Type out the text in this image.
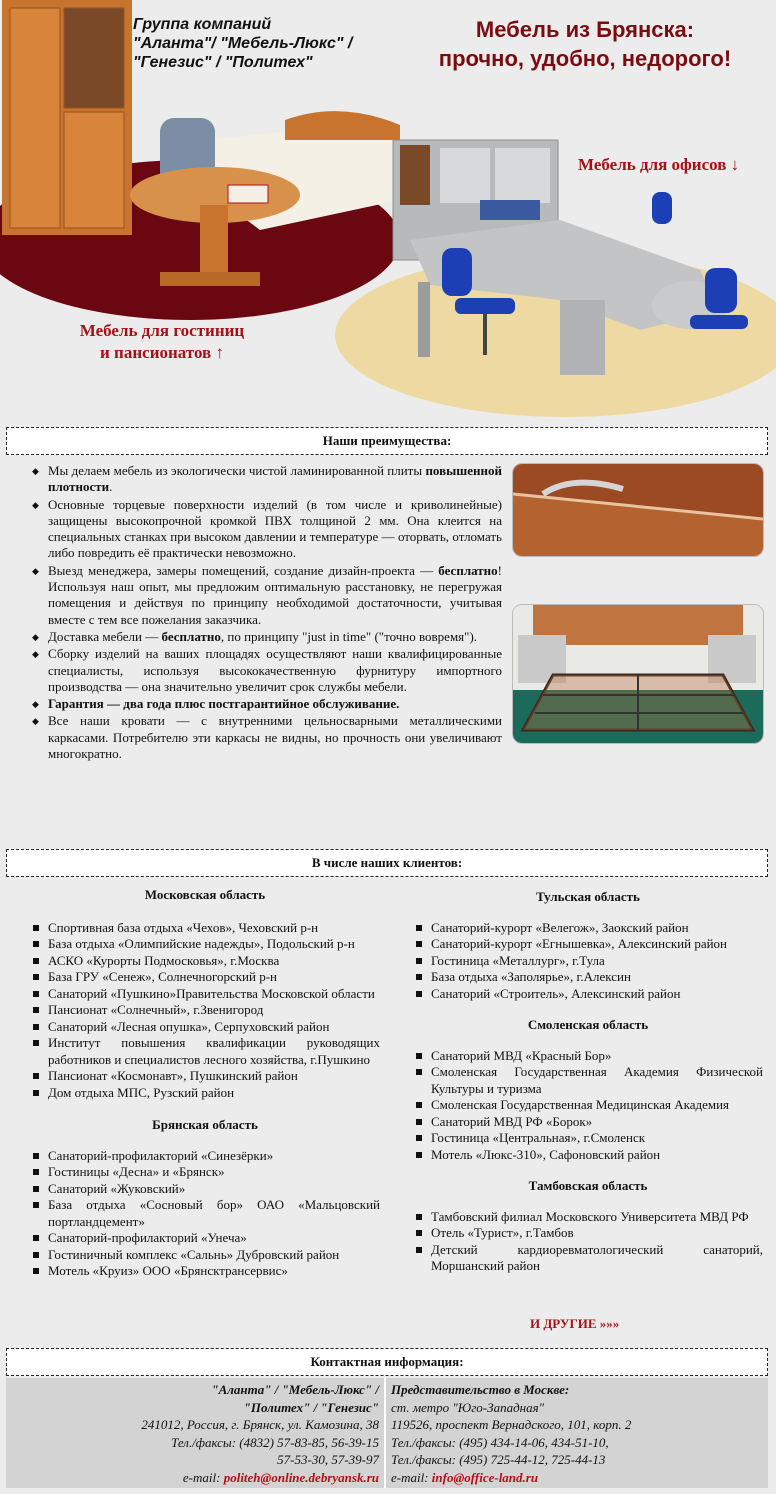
Группа компаний
"Аланта"/ "Мебель-Люкс" /
"Генезис" / "Политех"
Мебель из Брянска:
прочно, удобно, недорого!
Мебель для офисов ↓
Мебель для гостиниц
и пансионатов ↑
Наши преимущества:
◆ Мы делаем мебель из экологически чистой ламинированной плиты повышенной плотности.
◆ Основные торцевые поверхности изделий (в том числе и криволинейные) защищены высокопрочной кромкой ПВХ толщиной 2 мм. Она клеится на специальных станках при высоком давлении и температуре — оторвать, отломать либо повредить её практически невозможно.
◆ Выезд менеджера, замеры помещений, создание дизайн-проекта — бесплатно! Используя наш опыт, мы предложим оптимальную расстановку, не перегружая помещения и действуя по принципу необходимой достаточности, учитывая вместе с тем все пожелания заказчика.
◆ Доставка мебели — бесплатно, по принципу "just in time" ("точно вовремя").
◆ Сборку изделий на ваших площадях осуществляют наши квалифицированные специалисты, используя высококачественную фурнитуру импортного производства — она значительно увеличит срок службы мебели.
◆ Гарантия — два года плюс постгарантийное обслуживание.
◆ Все наши кровати — с внутренними цельносварными металлическими каркасами. Потребителю эти каркасы не видны, но прочность они увеличивают многократно.
В числе наших клиентов:
Московская область
Спортивная база отдыха «Чехов», Чеховский р-н
База отдыха «Олимпийские надежды», Подольский р-н
АСКО «Курорты Подмосковья», г.Москва
База ГРУ «Сенеж», Солнечногорский р-н
Санаторий «Пушкино»Правительства Московской области
Пансионат «Солнечный», г.Звенигород
Санаторий «Лесная опушка», Серпуховский район
Институт повышения квалификации руководящих работников и специалистов лесного хозяйства, г.Пушкино
Пансионат «Космонавт», Пушкинский район
Дом отдыха МПС, Рузский район
Брянская область
Санаторий-профилакторий «Синезёрки»
Гостиницы «Десна» и «Брянск»
Санаторий «Жуковский»
База отдыха «Сосновый бор» ОАО «Мальцовский портландцемент»
Санаторий-профилакторий «Унеча»
Гостиничный комплекс «Сальнь» Дубровский район
Мотель «Круиз» ООО «Брянсктрансервис»
Тульская область
Санаторий-курорт «Велегож», Заокский район
Санаторий-курорт «Егнышевка», Алексинский район
Гостиница «Металлург», г.Тула
База отдыха «Заполярье», г.Алексин
Санаторий «Строитель», Алексинский район
Смоленская область
Санаторий МВД «Красный Бор»
Смоленская Государственная Академия Физической Культуры и туризма
Смоленская Государственная Медицинская Академия
Санаторий МВД РФ «Борок»
Гостиница «Центральная», г.Смоленск
Мотель «Люкс-310», Сафоновский район
Тамбовская область
Тамбовский филиал Московского Университета МВД РФ
Отель «Турист», г.Тамбов
Детский кардиоревматологический санаторий, Моршанский район
И ДРУГИЕ »»»
Контактная информация:
"Аланта" / "Мебель-Люкс" /
"Политех" / "Генезис"
241012, Россия, г. Брянск, ул. Камозина, 38
Тел./факсы: (4832) 57-83-85, 56-39-15
57-53-30, 57-39-97
e-mail: politeh@online.debryansk.ru
Представительство в Москве:
ст. метро "Юго-Западная"
119526, проспект Вернадского, 101, корп. 2
Тел./факсы: (495) 434-14-06, 434-51-10,
Тел./факсы: (495) 725-44-12, 725-44-13
e-mail: info@office-land.ru
